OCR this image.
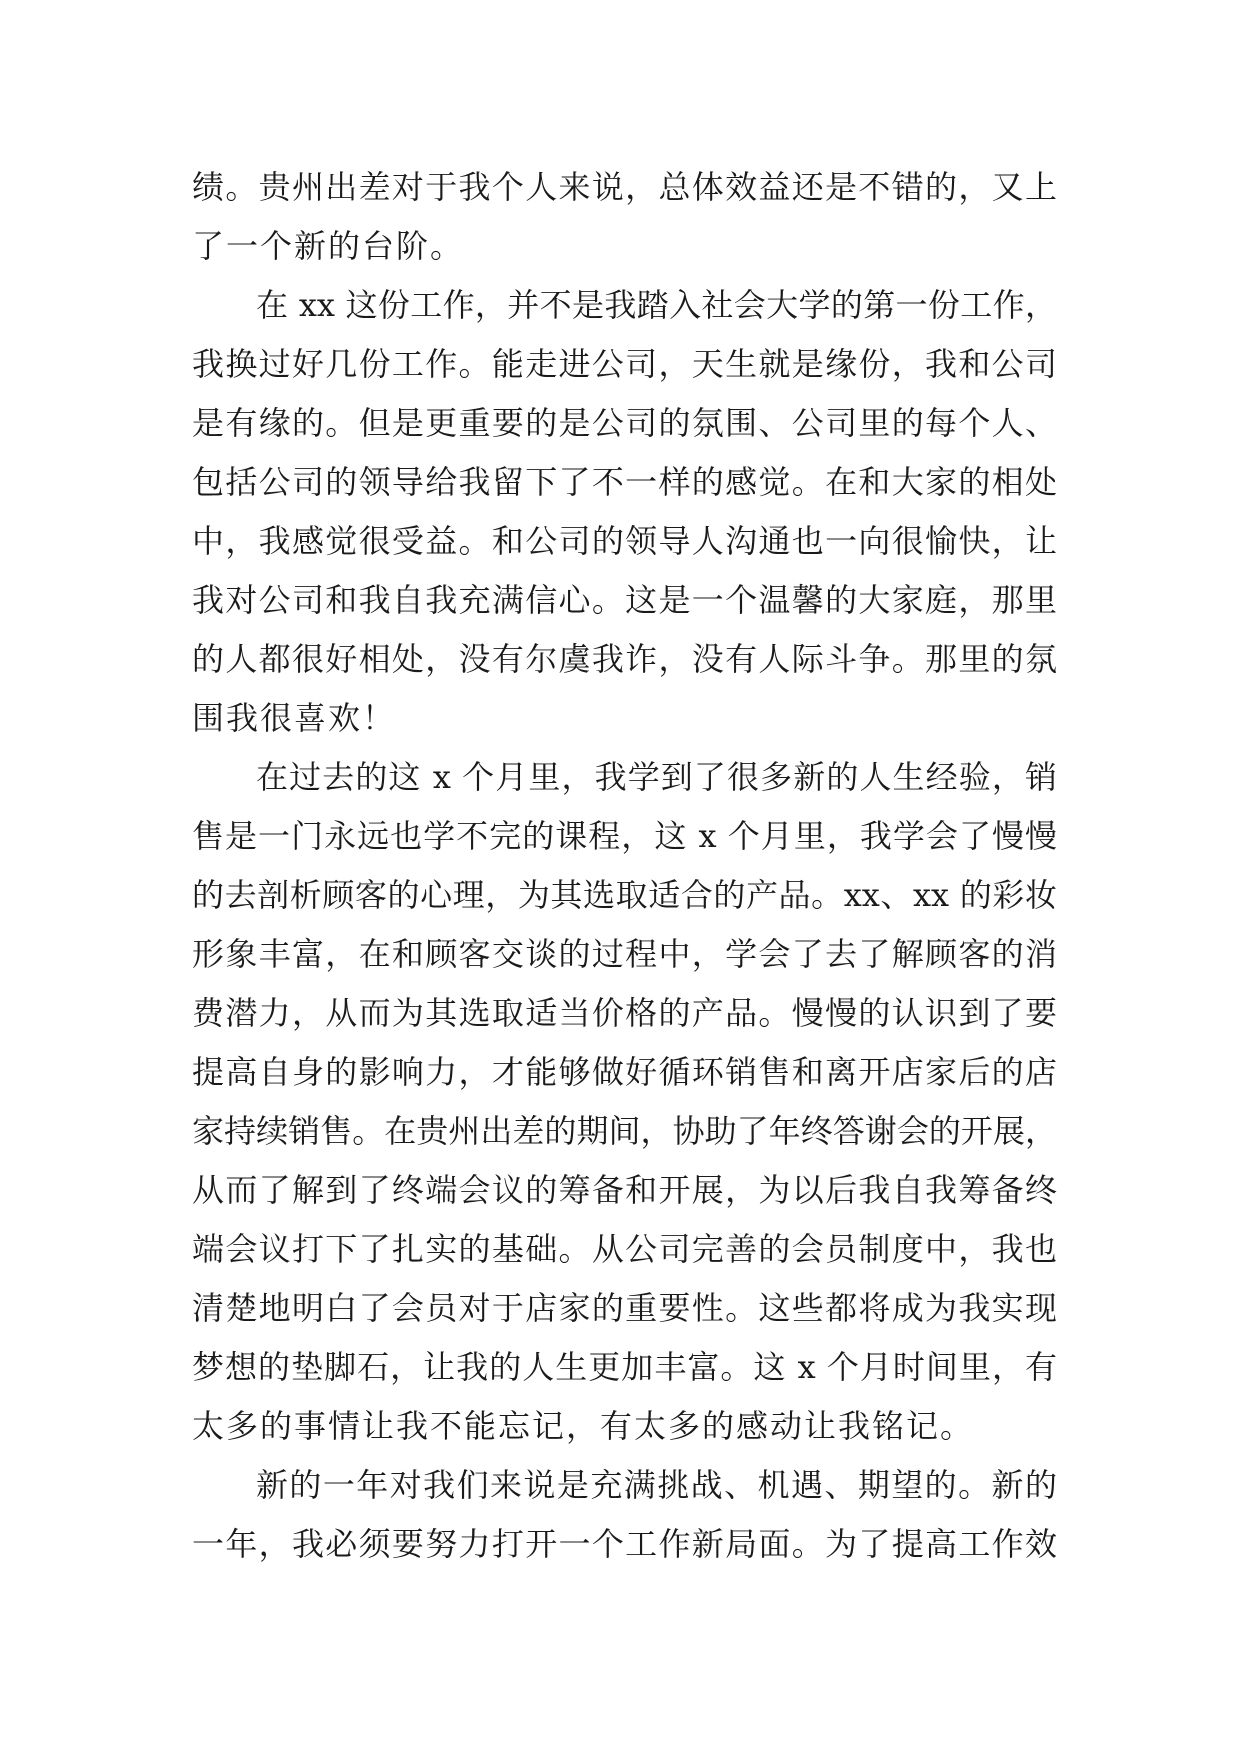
绩。贵州出差对于我个人来说，总体效益还是不错的，又上
了一个新的台阶。
在 xx 这份工作，并不是我踏入社会大学的第一份工作，
我换过好几份工作。能走进公司，天生就是缘份，我和公司
是有缘的。但是更重要的是公司的氛围、公司里的每个人、
包括公司的领导给我留下了不一样的感觉。在和大家的相处
中，我感觉很受益。和公司的领导人沟通也一向很愉快，让
我对公司和我自我充满信心。这是一个温馨的大家庭，那里
的人都很好相处，没有尔虞我诈，没有人际斗争。那里的氛
围我很喜欢！
在过去的这 x 个月里，我学到了很多新的人生经验，销
售是一门永远也学不完的课程，这 x 个月里，我学会了慢慢
的去剖析顾客的心理，为其选取适合的产品。xx、xx 的彩妆
形象丰富，在和顾客交谈的过程中，学会了去了解顾客的消
费潜力，从而为其选取适当价格的产品。慢慢的认识到了要
提高自身的影响力，才能够做好循环销售和离开店家后的店
家持续销售。在贵州出差的期间，协助了年终答谢会的开展，
从而了解到了终端会议的筹备和开展，为以后我自我筹备终
端会议打下了扎实的基础。从公司完善的会员制度中，我也
清楚地明白了会员对于店家的重要性。这些都将成为我实现
梦想的垫脚石，让我的人生更加丰富。这 x 个月时间里，有
太多的事情让我不能忘记，有太多的感动让我铭记。
新的一年对我们来说是充满挑战、机遇、期望的。新的
一年，我必须要努力打开一个工作新局面。为了提高工作效
